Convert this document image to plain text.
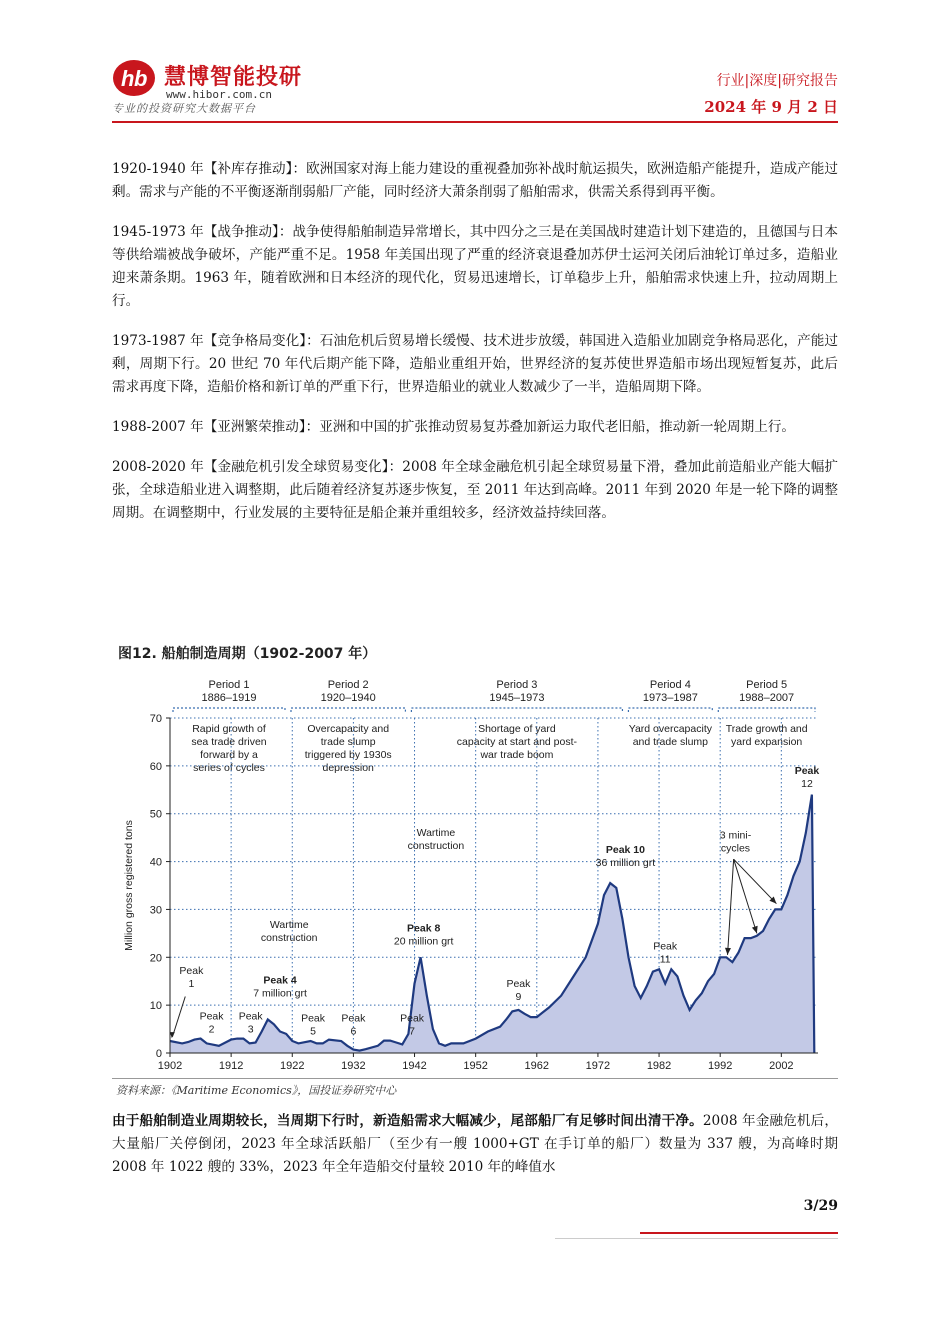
h b 慧博智能投研
www.hibor.com.cn
专业的投资研究大数据平台
行业|深度|研究报告
2024 年 9 月 2 日

1920-1940 年【补库存推动】：欧洲国家对海上能力建设的重视叠加弥补战时航运损失，欧洲造船产能提升，造成产能过剩。需求与产能的不平衡逐渐削弱船厂产能，同时经济大萧条削弱了船舶需求，供需关系得到再平衡。

1945-1973 年【战争推动】：战争使得船舶制造异常增长，其中四分之三是在美国战时建造计划下建造的，且德国与日本等供给端被战争破坏，产能严重不足。1958 年美国出现了严重的经济衰退叠加苏伊士运河关闭后油轮订单过多，造船业迎来萧条期。1963 年，随着欧洲和日本经济的现代化，贸易迅速增长，订单稳步上升，船舶需求快速上升，拉动周期上行。

1973-1987 年【竞争格局变化】：石油危机后贸易增长缓慢、技术进步放缓，韩国进入造船业加剧竞争格局恶化，产能过剩，周期下行。20 世纪 70 年代后期产能下降，造船业重组开始，世界经济的复苏使世界造船市场出现短暂复苏，此后需求再度下降，造船价格和新订单的严重下行，世界造船业的就业人数减少了一半，造船周期下降。

1988-2007 年【亚洲繁荣推动】：亚洲和中国的扩张推动贸易复苏叠加新运力取代老旧船，推动新一轮周期上行。

2008-2020 年【金融危机引发全球贸易变化】：2008 年全球金融危机引起全球贸易量下滑，叠加此前造船业产能大幅扩张，全球造船业进入调整期，此后随着经济复苏逐步恢复，至 2011 年达到高峰。2011 年到 2020 年是一轮下降的调整周期。在调整期中，行业发展的主要特征是船企兼并重组较多，经济效益持续回落。

图12. 船舶制造周期（1902-2007 年）
Period 1 1886–1919
Rapid growth of sea trade driven forward by a series of cycles
Period 2 1920–1940
Overcapacity and trade slump triggered by 1930s depression
Period 3 1945–1973
Shortage of yard capacity at start and post-war trade boom
Period 4 1973–1987
Yard overcapacity and trade slump
Period 5 1988–2007
Trade growth and yard expansion
0
10
20
30
40
50
60
70
1902	1912	1922	1932	1942	1952	1962	1972	1982	1992	2002
Million gross registered tons
Peak 1
Peak 2
Peak 3
Peak 4 7 million grt
Peak 5
Peak 6
Peak 7
Peak 8 20 million grt
Peak 9
Peak 10 36 million grt
Peak 11
Peak 12
Wartime construction
Wartime construction
3 mini-cycles
资料来源：《Maritime Economics》，国投证券研究中心
由于船舶制造业周期较长，当周期下行时，新造船需求大幅减少，尾部船厂有足够时间出清干净。2008 年金融危机后，大量船厂关停倒闭，2023 年全球活跃船厂（至少有一艘 1000+GT 在手订单的船厂）数量为 337 艘，为高峰时期 2008 年 1022 艘的 33%，2023 年全年造船交付量较 2010 年的峰值水
3/29
